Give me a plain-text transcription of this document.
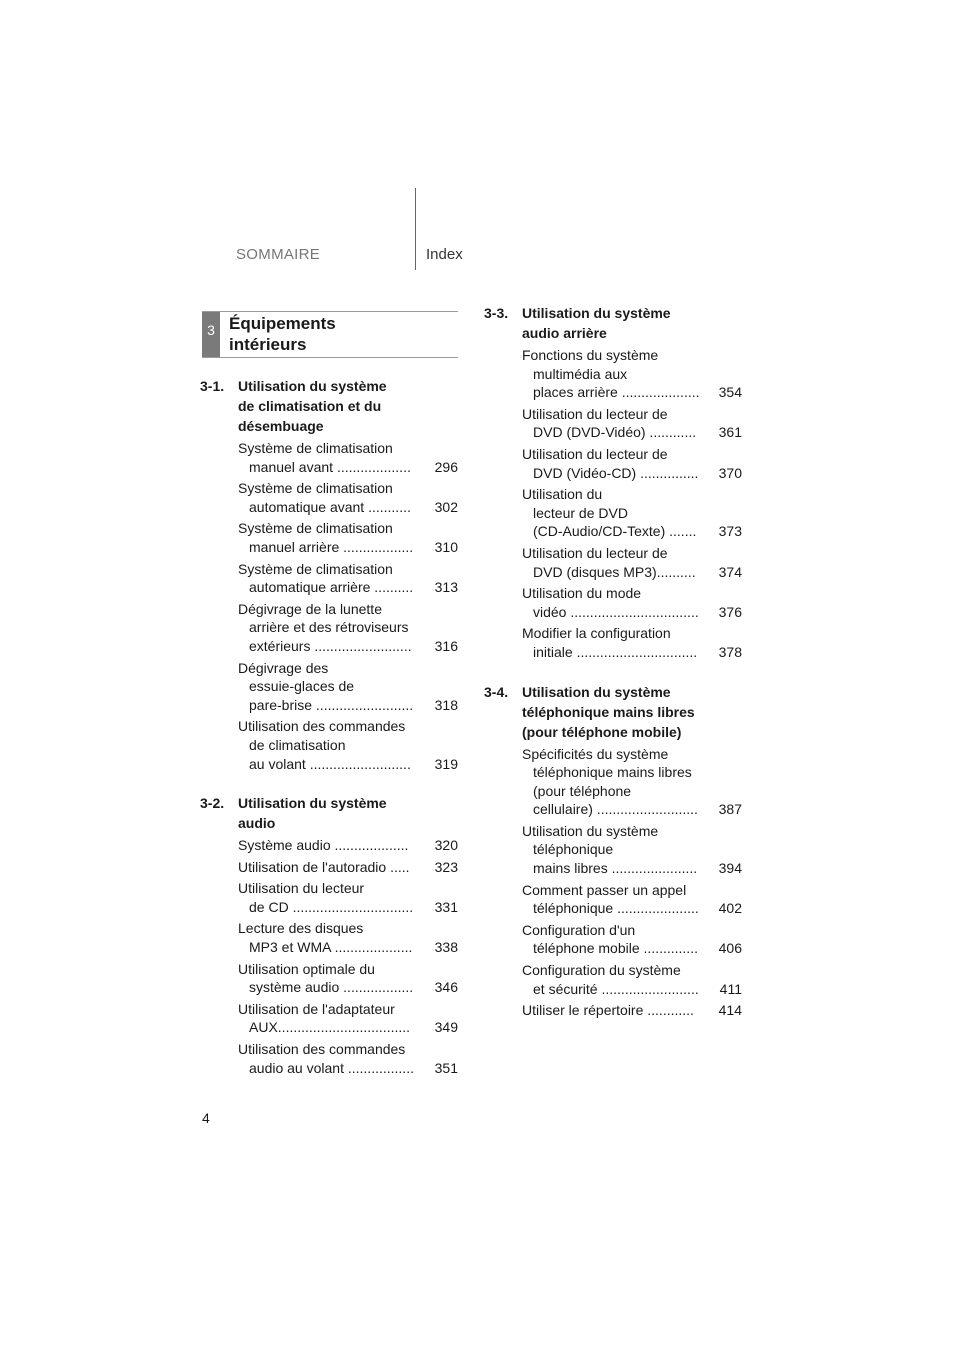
SOMMAIRE	Index
3 Équipements
intérieurs
3-1. Utilisation du système
de climatisation et du
désembuage
Système de climatisation
manuel avant ...................	296
Système de climatisation
automatique avant ...........	302
Système de climatisation
manuel arrière ..................	310
Système de climatisation
automatique arrière ..........	313
Dégivrage de la lunette
arrière et des rétroviseurs
extérieurs .........................	316
Dégivrage des
essuie-glaces de
pare-brise .........................	318
Utilisation des commandes
de climatisation
au volant ..........................	319
3-2. Utilisation du système
audio
Système audio ...................	320
Utilisation de l'autoradio .....	323
Utilisation du lecteur
de CD ...............................	331
Lecture des disques
MP3 et WMA ....................	338
Utilisation optimale du
système audio ..................	346
Utilisation de l'adaptateur
AUX..................................	349
Utilisation des commandes
audio au volant .................	351
3-3. Utilisation du système
audio arrière
Fonctions du système
multimédia aux
places arrière ....................	354
Utilisation du lecteur de
DVD (DVD-Vidéo) ............	361
Utilisation du lecteur de
DVD (Vidéo-CD) ...............	370
Utilisation du
lecteur de DVD
(CD-Audio/CD-Texte) .......	373
Utilisation du lecteur de
DVD (disques MP3)..........	374
Utilisation du mode
vidéo .................................	376
Modifier la configuration
initiale ...............................	378
3-4. Utilisation du système
téléphonique mains libres
(pour téléphone mobile)
Spécificités du système
téléphonique mains libres
(pour téléphone
cellulaire) ..........................	387
Utilisation du système
téléphonique
mains libres ......................	394
Comment passer un appel
téléphonique .....................	402
Configuration d'un
téléphone mobile ..............	406
Configuration du système
et sécurité .........................	411
Utiliser le répertoire ............	414
4
